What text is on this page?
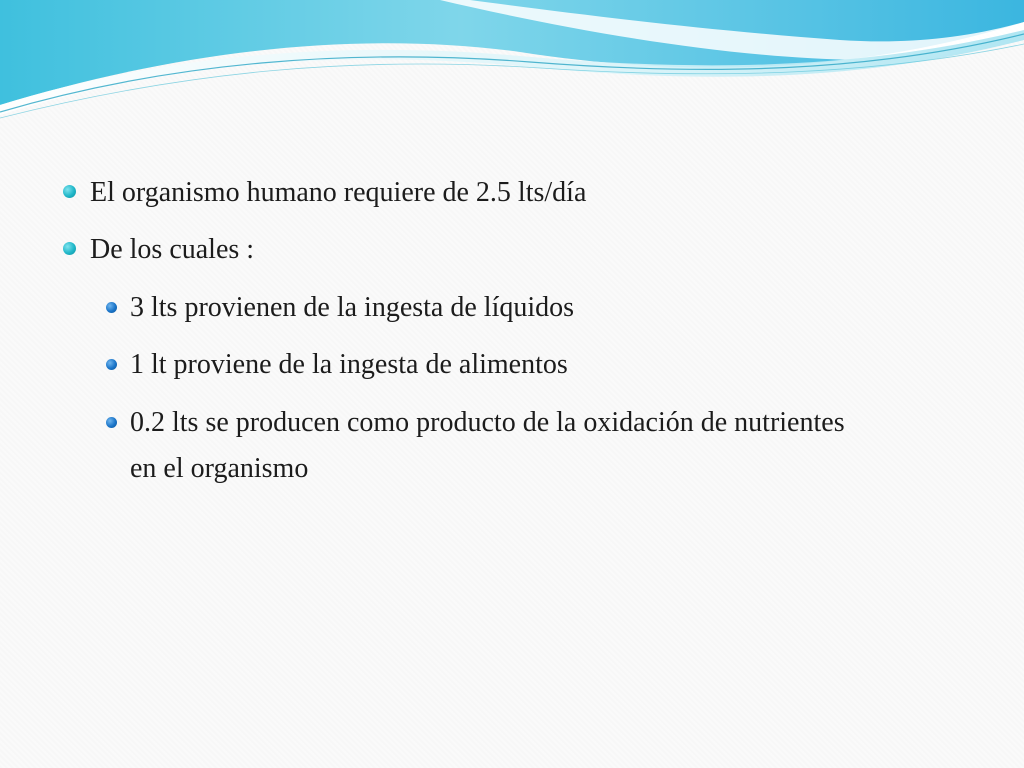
El organismo humano requiere de 2.5 lts/día
De los cuales :
3 lts provienen de la ingesta de líquidos
1 lt proviene de la ingesta de alimentos
0.2 lts se producen como producto de la oxidación de nutrientes
en el organismo
